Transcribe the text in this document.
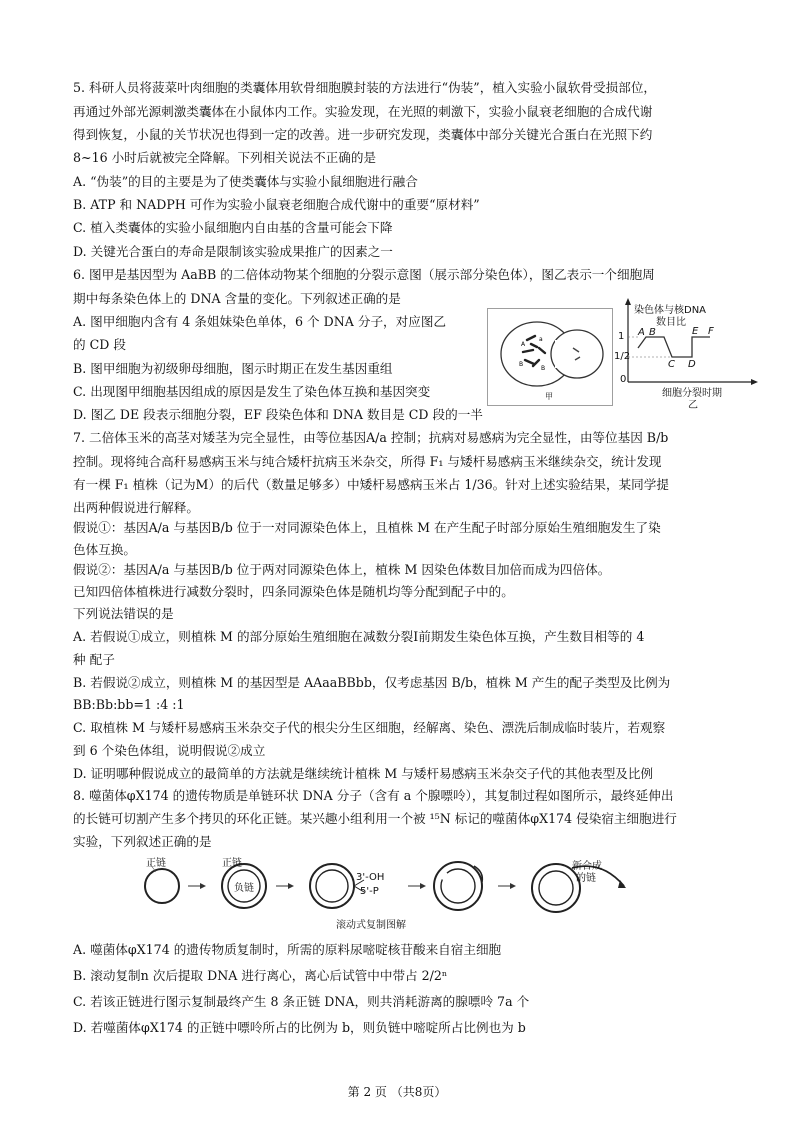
5. 科研人员将菠菜叶肉细胞的类囊体用软骨细胞膜封装的方法进行“伪装”，植入实验小鼠软骨受损部位，
再通过外部光源刺激类囊体在小鼠体内工作。实验发现，在光照的刺激下，实验小鼠衰老细胞的合成代谢
得到恢复，小鼠的关节状况也得到一定的改善。进一步研究发现，类囊体中部分关键光合蛋白在光照下约
8~16 小时后就被完全降解。下列相关说法不正确的是
A. “伪装”的目的主要是为了使类囊体与实验小鼠细胞进行融合
B. ATP 和 NADPH 可作为实验小鼠衰老细胞合成代谢中的重要“原材料”
C. 植入类囊体的实验小鼠细胞内自由基的含量可能会下降
D. 关键光合蛋白的寿命是限制该实验成果推广的因素之一
6. 图甲是基因型为 AaBB 的二倍体动物某个细胞的分裂示意图（展示部分染色体），图乙表示一个细胞周
期中每条染色体上的 DNA 含量的变化。下列叙述正确的是
A. 图甲细胞内含有 4 条姐妹染色单体，6 个 DNA 分子，对应图乙
的 CD 段
B. 图甲细胞为初级卵母细胞，图示时期正在发生基因重组
C. 出现图甲细胞基因组成的原因是发生了染色体互换和基因突变
D. 图乙 DE 段表示细胞分裂，EF 段染色体和 DNA 数目是 CD 段的一半
A
a
B
B
甲
染色体与核DNA
数目比
1
1/2
0
A B
C D
E F
细胞分裂时期
乙
7. 二倍体玉米的高茎对矮茎为完全显性，由等位基因A/a 控制；抗病对易感病为完全显性，由等位基因 B/b
控制。现将纯合高秆易感病玉米与纯合矮杆抗病玉米杂交，所得 F₁ 与矮杆易感病玉米继续杂交，统计发现
有一棵 F₁ 植株（记为M）的后代（数量足够多）中矮杆易感病玉米占 1/36。针对上述实验结果，某同学提
出两种假说进行解释。
假说①：基因A/a 与基因B/b 位于一对同源染色体上，且植株 M 在产生配子时部分原始生殖细胞发生了染
色体互换。
假说②：基因A/a 与基因B/b 位于两对同源染色体上，植株 M 因染色体数目加倍而成为四倍体。
已知四倍体植株进行减数分裂时，四条同源染色体是随机均等分配到配子中的。
下列说法错误的是
A. 若假说①成立，则植株 M 的部分原始生殖细胞在减数分裂Ⅰ前期发生染色体互换，产生数目相等的 4
种 配子
B. 若假说②成立，则植株 M 的基因型是 AAaaBBbb，仅考虑基因 B/b，植株 M 产生的配子类型及比例为
BB:Bb:bb=1 :4 :1
C. 取植株 M 与矮杆易感病玉米杂交子代的根尖分生区细胞，经解离、染色、漂洗后制成临时装片，若观察
到 6 个染色体组，说明假说②成立
D. 证明哪种假说成立的最简单的方法就是继续统计植株 M 与矮杆易感病玉米杂交子代的其他表型及比例
8. 噬菌体φX174 的遗传物质是单链环状 DNA 分子（含有 a 个腺嘌呤），其复制过程如图所示，最终延伸出
的长链可切割产生多个拷贝的环化正链。某兴趣小组利用一个被 ¹⁵N 标记的噬菌体φX174 侵染宿主细胞进行
实验，下列叙述正确的是
正链	正链
负链
3'-OH
5'-P
新合成
的链
滚动式复制图解
A. 噬菌体φX174 的遗传物质复制时，所需的原料尿嘧啶核苷酸来自宿主细胞
B. 滚动复制n 次后提取 DNA 进行离心，离心后试管中中带占 2/2ⁿ
C. 若该正链进行图示复制最终产生 8 条正链 DNA，则共消耗游离的腺嘌呤 7a 个
D. 若噬菌体φX174 的正链中嘌呤所占的比例为 b，则负链中嘧啶所占比例也为 b
第 2 页 （共8页）
